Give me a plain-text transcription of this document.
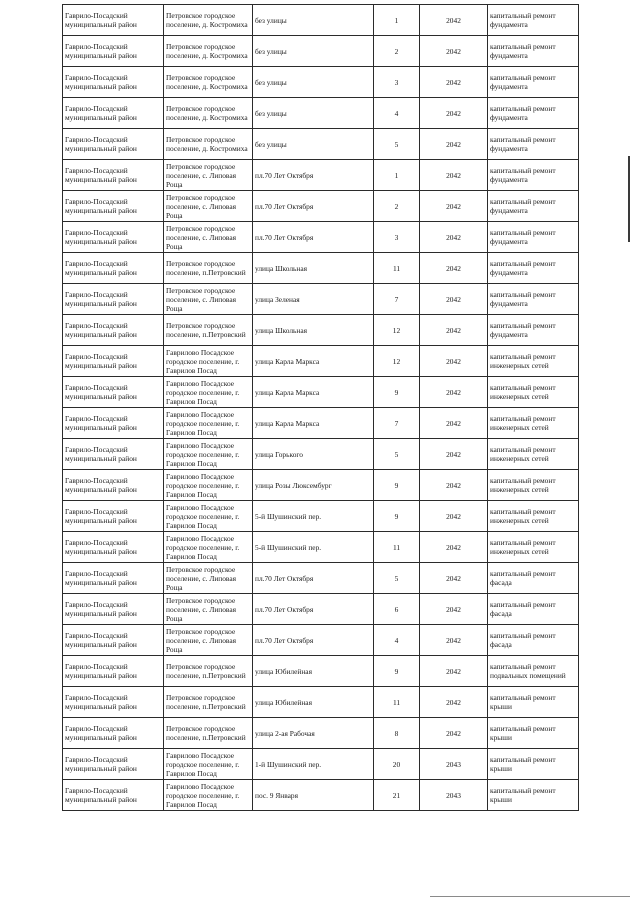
Гаврило-Посадский муниципальный район	Петровское городское поселение, д. Костромиха	без улицы	1	2042	капитальный ремонт фундамента
Гаврило-Посадский муниципальный район	Петровское городское поселение, д. Костромиха	без улицы	2	2042	капитальный ремонт фундамента
Гаврило-Посадский муниципальный район	Петровское городское поселение, д. Костромиха	без улицы	3	2042	капитальный ремонт фундамента
Гаврило-Посадский муниципальный район	Петровское городское поселение, д. Костромиха	без улицы	4	2042	капитальный ремонт фундамента
Гаврило-Посадский муниципальный район	Петровское городское поселение, д. Костромиха	без улицы	5	2042	капитальный ремонт фундамента
Гаврило-Посадский муниципальный район	Петровское городское поселение, с. Липовая Роща	пл.70 Лет Октября	1	2042	капитальный ремонт фундамента
Гаврило-Посадский муниципальный район	Петровское городское поселение, с. Липовая Роща	пл.70 Лет Октября	2	2042	капитальный ремонт фундамента
Гаврило-Посадский муниципальный район	Петровское городское поселение, с. Липовая Роща	пл.70 Лет Октября	3	2042	капитальный ремонт фундамента
Гаврило-Посадский муниципальный район	Петровское городское поселение, п.Петровский	улица Школьная	11	2042	капитальный ремонт фундамента
Гаврило-Посадский муниципальный район	Петровское городское поселение, с. Липовая Роща	улица Зеленая	7	2042	капитальный ремонт фундамента
Гаврило-Посадский муниципальный район	Петровское городское поселение, п.Петровский	улица Школьная	12	2042	капитальный ремонт фундамента
Гаврило-Посадский муниципальный район	Гаврилово Посадское городское поселение, г. Гаврилов Посад	улица Карла Маркса	12	2042	капитальный ремонт инженерных сетей
Гаврило-Посадский муниципальный район	Гаврилово Посадское городское поселение, г. Гаврилов Посад	улица Карла Маркса	9	2042	капитальный ремонт инженерных сетей
Гаврило-Посадский муниципальный район	Гаврилово Посадское городское поселение, г. Гаврилов Посад	улица Карла Маркса	7	2042	капитальный ремонт инженерных сетей
Гаврило-Посадский муниципальный район	Гаврилово Посадское городское поселение, г. Гаврилов Посад	улица Горького	5	2042	капитальный ремонт инженерных сетей
Гаврило-Посадский муниципальный район	Гаврилово Посадское городское поселение, г. Гаврилов Посад	улица Розы Люксембург	9	2042	капитальный ремонт инженерных сетей
Гаврило-Посадский муниципальный район	Гаврилово Посадское городское поселение, г. Гаврилов Посад	5-й Шушинский пер.	9	2042	капитальный ремонт инженерных сетей
Гаврило-Посадский муниципальный район	Гаврилово Посадское городское поселение, г. Гаврилов Посад	5-й Шушинский пер.	11	2042	капитальный ремонт инженерных сетей
Гаврило-Посадский муниципальный район	Петровское городское поселение, с. Липовая Роща	пл.70 Лет Октября	5	2042	капитальный ремонт фасада
Гаврило-Посадский муниципальный район	Петровское городское поселение, с. Липовая Роща	пл.70 Лет Октября	6	2042	капитальный ремонт фасада
Гаврило-Посадский муниципальный район	Петровское городское поселение, с. Липовая Роща	пл.70 Лет Октября	4	2042	капитальный ремонт фасада
Гаврило-Посадский муниципальный район	Петровское городское поселение, п.Петровский	улица Юбилейная	9	2042	капитальный ремонт подвальных помещений
Гаврило-Посадский муниципальный район	Петровское городское поселение, п.Петровский	улица Юбилейная	11	2042	капитальный ремонт крыши
Гаврило-Посадский муниципальный район	Петровское городское поселение, п.Петровский	улица 2-ая Рабочая	8	2042	капитальный ремонт крыши
Гаврило-Посадский муниципальный район	Гаврилово Посадское городское поселение, г. Гаврилов Посад	1-й Шушинский пер.	20	2043	капитальный ремонт крыши
Гаврило-Посадский муниципальный район	Гаврилово Посадское городское поселение, г. Гаврилов Посад	пос. 9 Января	21	2043	капитальный ремонт крыши
